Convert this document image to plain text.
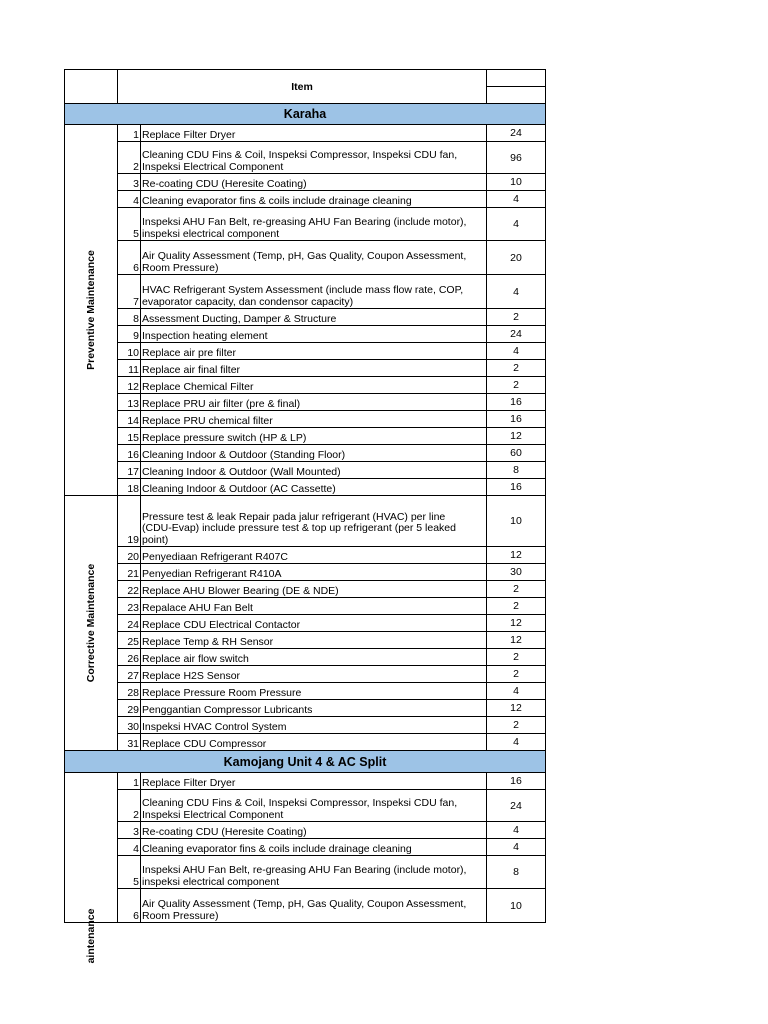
	Item		

Karaha			

Preventive Maintenance	1	Replace Filter Dryer	24
	2	Cleaning CDU Fins & Coil, Inspeksi Compressor, Inspeksi CDU fan,
Inspeksi Electrical Component	96
	3	Re-coating CDU (Heresite Coating)	10
	4	Cleaning evaporator fins & coils include drainage cleaning	4
	5	Inspeksi AHU Fan Belt, re-greasing AHU Fan Bearing (include motor),
inspeksi electrical component	4
	6	Air Quality Assessment (Temp, pH, Gas Quality, Coupon Assessment,
Room Pressure)	20
	7	HVAC Refrigerant System Assessment (include mass flow rate, COP,
evaporator capacity, dan condensor capacity)	4
	8	Assessment Ducting, Damper & Structure	2
	9	Inspection heating element	24
	10	Replace air pre filter	4
	11	Replace air final filter	2
	12	Replace Chemical Filter	2
	13	Replace PRU air filter (pre & final)	16
	14	Replace PRU chemical filter	16
	15	Replace pressure switch (HP & LP)	12
	16	Cleaning Indoor & Outdoor (Standing Floor)	60
	17	Cleaning Indoor & Outdoor (Wall Mounted)	8
	18	Cleaning Indoor & Outdoor (AC Cassette)	16

Corrective Maintenance	19	Pressure test & leak Repair pada jalur refrigerant (HVAC) per line
(CDU-Evap) include pressure test & top up refrigerant (per 5 leaked
point)	10
	20	Penyediaan Refrigerant R407C	12
	21	Penyedian Refrigerant R410A	30
	22	Replace AHU Blower Bearing (DE & NDE)	2
	23	Repalace AHU Fan Belt	2
	24	Replace CDU Electrical Contactor	12
	25	Replace Temp & RH Sensor	12
	26	Replace air flow switch	2
	27	Replace H2S Sensor	2
	28	Replace Pressure Room Pressure	4
	29	Penggantian Compressor Lubricants	12
	30	Inspeksi HVAC Control System	2
	31	Replace CDU Compressor	4
Kamojang Unit 4 & AC Split			

aintenance	1	Replace Filter Dryer	16
	2	Cleaning CDU Fins & Coil, Inspeksi Compressor, Inspeksi CDU fan,
Inspeksi Electrical Component	24
	3	Re-coating CDU (Heresite Coating)	4
	4	Cleaning evaporator fins & coils include drainage cleaning	4
	5	Inspeksi AHU Fan Belt, re-greasing AHU Fan Bearing (include motor),
inspeksi electrical component	8
	6	Air Quality Assessment (Temp, pH, Gas Quality, Coupon Assessment,
Room Pressure)	10
